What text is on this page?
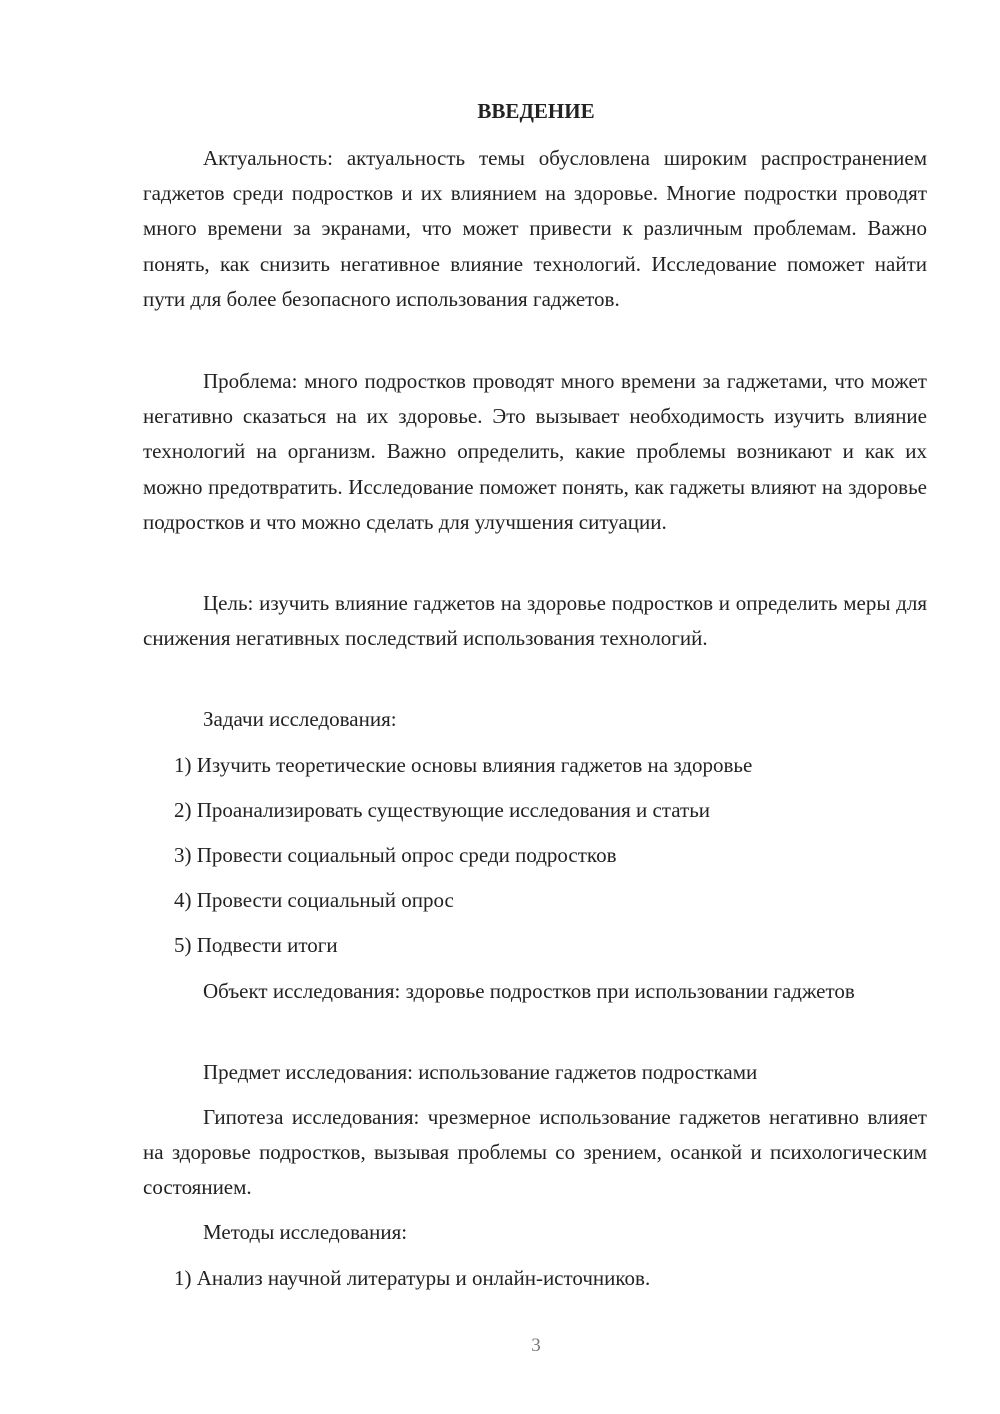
ВВЕДЕНИЕ

Актуальность: актуальность темы обусловлена широким распространением гаджетов среди подростков и их влиянием на здоровье. Многие подростки проводят много времени за экранами, что может привести к различным проблемам. Важно понять, как снизить негативное влияние технологий. Исследование поможет найти пути для более безопасного использования гаджетов.

Проблема: много подростков проводят много времени за гаджетами, что может негативно сказаться на их здоровье. Это вызывает необходимость изучить влияние технологий на организм. Важно определить, какие проблемы возникают и как их можно предотвратить. Исследование поможет понять, как гаджеты влияют на здоровье подростков и что можно сделать для улучшения ситуации.

Цель: изучить влияние гаджетов на здоровье подростков и определить меры для снижения негативных последствий использования технологий.

Задачи исследования:

1) Изучить теоретические основы влияния гаджетов на здоровье

2) Проанализировать существующие исследования и статьи

3) Провести социальный опрос среди подростков

4) Провести социальный опрос

5) Подвести итоги

Объект исследования: здоровье подростков при использовании гаджетов

Предмет исследования: использование гаджетов подростками

Гипотеза исследования: чрезмерное использование гаджетов негативно влияет на здоровье подростков, вызывая проблемы со зрением, осанкой и психологическим состоянием.

Методы исследования:

1) Анализ научной литературы и онлайн-источников.

3
